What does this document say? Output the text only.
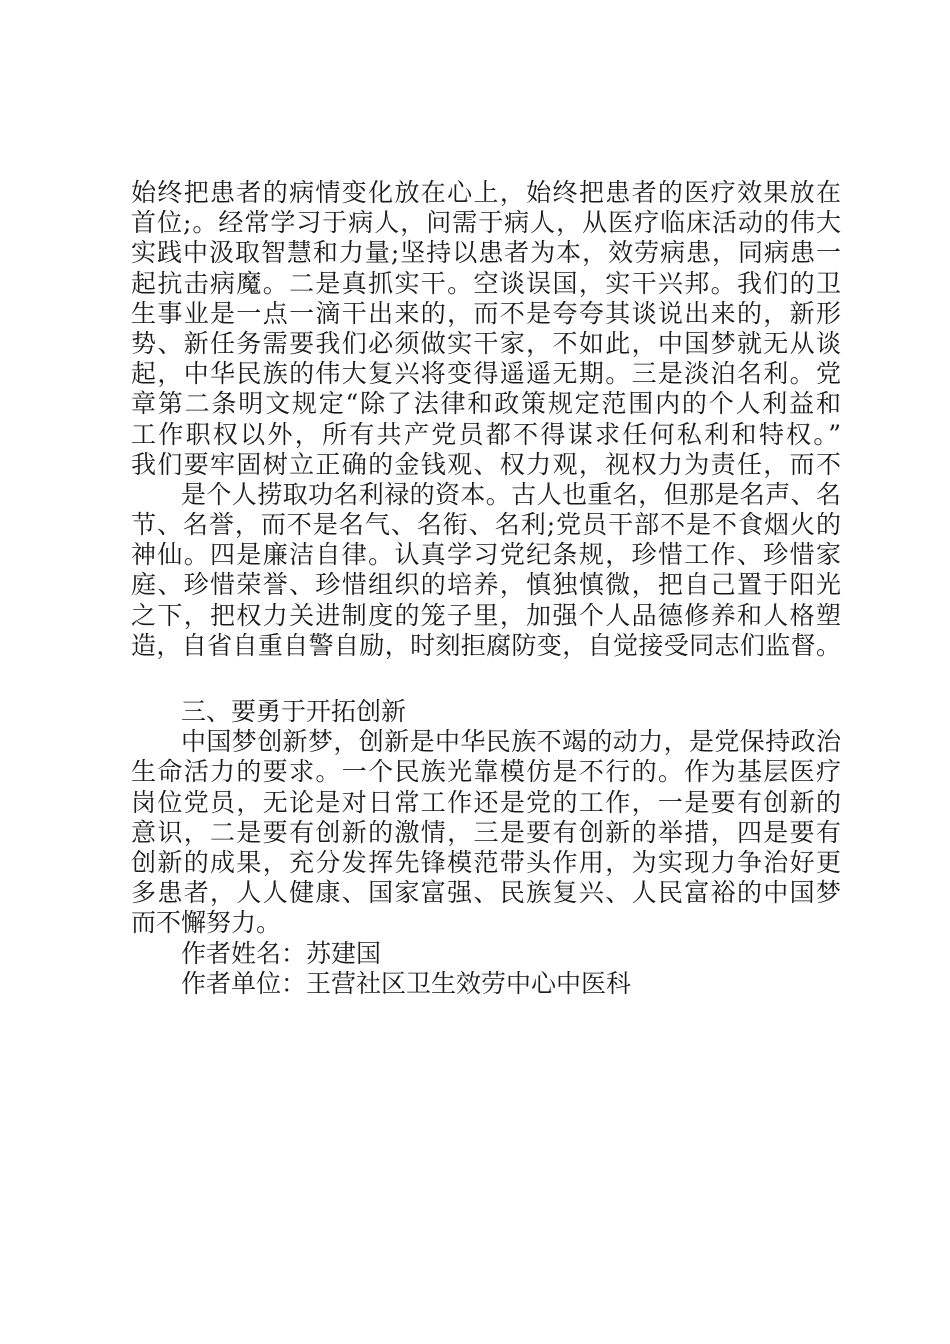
始终把患者的病情变化放在心上，始终把患者的医疗效果放在
首位;。经常学习于病人，问需于病人，从医疗临床活动的伟大
实践中汲取智慧和力量;坚持以患者为本，效劳病患，同病患一
起抗击病魔。二是真抓实干。空谈误国，实干兴邦。我们的卫
生事业是一点一滴干出来的，而不是夸夸其谈说出来的，新形
势、新任务需要我们必须做实干家，不如此，中国梦就无从谈
起，中华民族的伟大复兴将变得遥遥无期。三是淡泊名利。党
章第二条明文规定“除了法律和政策规定范围内的个人利益和
工作职权以外，所有共产党员都不得谋求任何私利和特权。”
我们要牢固树立正确的金钱观、权力观，视权力为责任，而不
是个人捞取功名利禄的资本。古人也重名，但那是名声、名
节、名誉，而不是名气、名衔、名利;党员干部不是不食烟火的
神仙。四是廉洁自律。认真学习党纪条规，珍惜工作、珍惜家
庭、珍惜荣誉、珍惜组织的培养，慎独慎微，把自己置于阳光
之下，把权力关进制度的笼子里，加强个人品德修养和人格塑
造，自省自重自警自励，时刻拒腐防变，自觉接受同志们监督。
三、要勇于开拓创新
中国梦创新梦，创新是中华民族不竭的动力，是党保持政治
生命活力的要求。一个民族光靠模仿是不行的。作为基层医疗
岗位党员，无论是对日常工作还是党的工作，一是要有创新的
意识，二是要有创新的激情，三是要有创新的举措，四是要有
创新的成果，充分发挥先锋模范带头作用，为实现力争治好更
多患者，人人健康、国家富强、民族复兴、人民富裕的中国梦
而不懈努力。
作者姓名：苏建国
作者单位：王营社区卫生效劳中心中医科
